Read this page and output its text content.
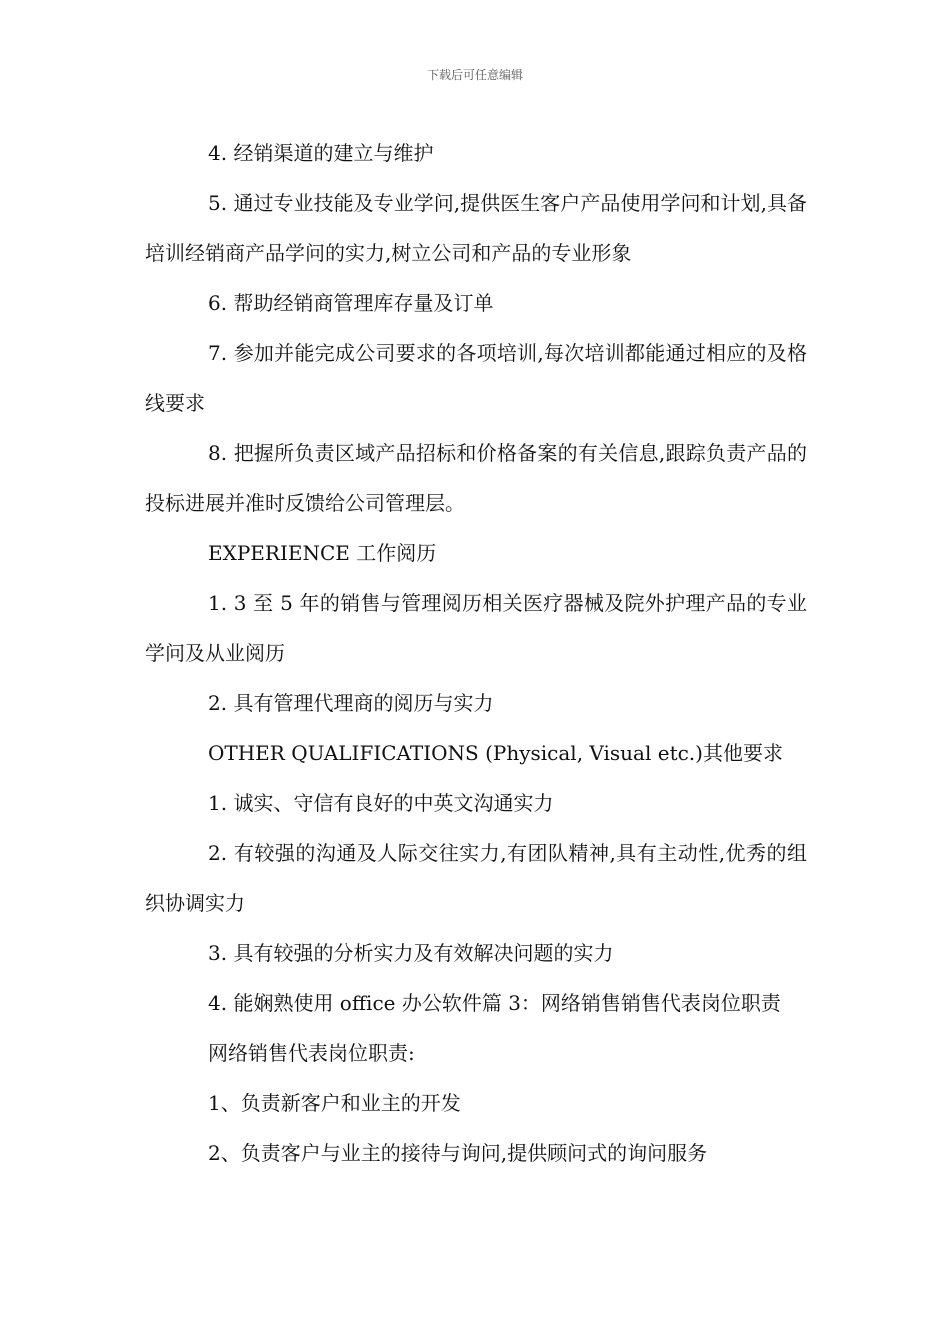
下载后可任意编辑

4. 经销渠道的建立与维护

5. 通过专业技能及专业学问,提供医生客户产品使用学问和计划,具备培训经销商产品学问的实力,树立公司和产品的专业形象

6. 帮助经销商管理库存量及订单

7. 参加并能完成公司要求的各项培训,每次培训都能通过相应的及格线要求

8. 把握所负责区域产品招标和价格备案的有关信息,跟踪负责产品的投标进展并准时反馈给公司管理层。

EXPERIENCE 工作阅历

1. 3 至 5 年的销售与管理阅历相关医疗器械及院外护理产品的专业学问及从业阅历

2. 具有管理代理商的阅历与实力

OTHER QUALIFICATIONS (Physical, Visual etc.)其他要求

1. 诚实、守信有良好的中英文沟通实力

2. 有较强的沟通及人际交往实力,有团队精神,具有主动性,优秀的组织协调实力

3. 具有较强的分析实力及有效解决问题的实力

4. 能娴熟使用 office 办公软件篇 3：网络销售销售代表岗位职责

网络销售代表岗位职责:

1、负责新客户和业主的开发

2、负责客户与业主的接待与询问,提供顾问式的询问服务
